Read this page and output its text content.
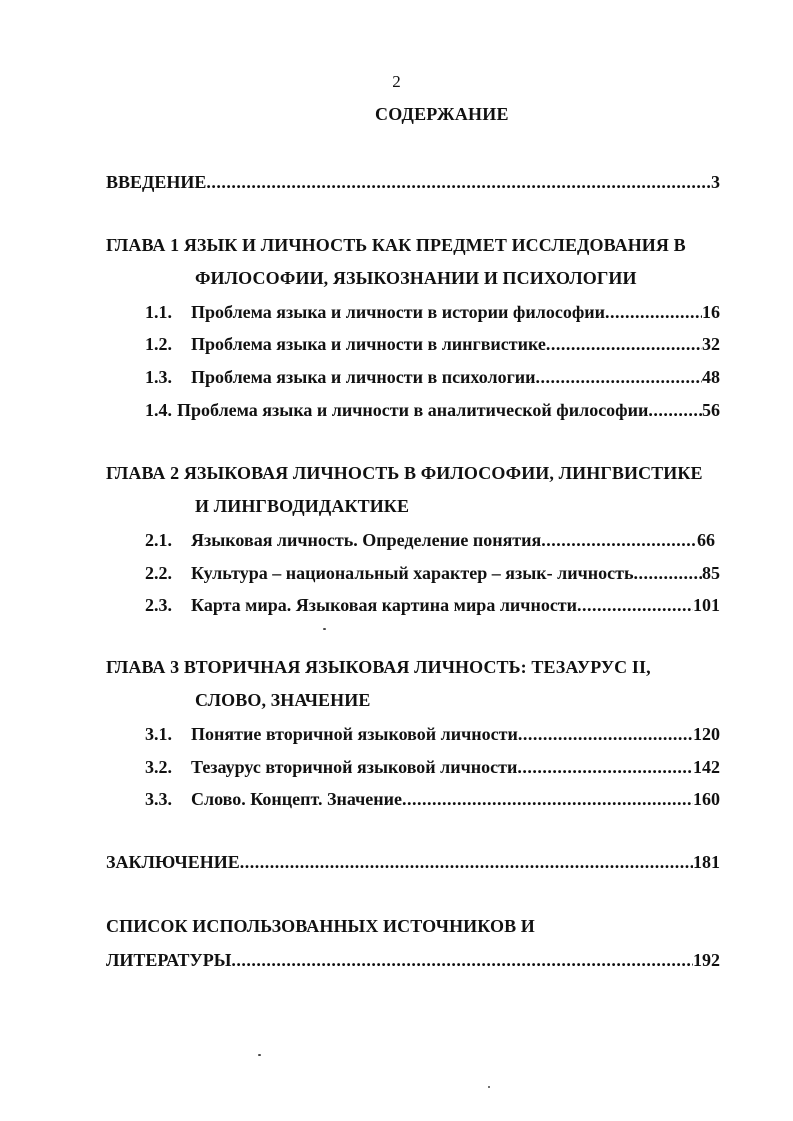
2
СОДЕРЖАНИЕ
ВВЕДЕНИЕ .....	3
ГЛАВА 1 ЯЗЫК И ЛИЧНОСТЬ КАК ПРЕДМЕТ ИССЛЕДОВАНИЯ В
ФИЛОСОФИИ, ЯЗЫКОЗНАНИИ И ПСИХОЛОГИИ
1.1.	Проблема языка и личности в истории философии .....	16
1.2.	Проблема языка и личности в лингвистике .....	32
1.3.	Проблема языка и личности в психологии .....	48
1.4. Проблема языка и личности в аналитической философии .....	56
ГЛАВА 2 ЯЗЫКОВАЯ ЛИЧНОСТЬ В ФИЛОСОФИИ, ЛИНГВИСТИКЕ
И ЛИНГВОДИДАКТИКЕ
2.1.	Языковая личность. Определение понятия .....	66
2.2.	Культура – национальный характер – язык- личность .....	85
2.3.	Карта мира. Языковая картина мира личности .....	101
ГЛАВА 3 ВТОРИЧНАЯ ЯЗЫКОВАЯ ЛИЧНОСТЬ: ТЕЗАУРУС II,
СЛОВО, ЗНАЧЕНИЕ
3.1.	Понятие вторичной языковой личности .....	120
3.2.	Тезаурус вторичной языковой личности .....	142
3.3.	Слово. Концепт. Значение .....	160
ЗАКЛЮЧЕНИЕ .....	181
СПИСОК ИСПОЛЬЗОВАННЫХ ИСТОЧНИКОВ И
ЛИТЕРАТУРЫ .....	192
